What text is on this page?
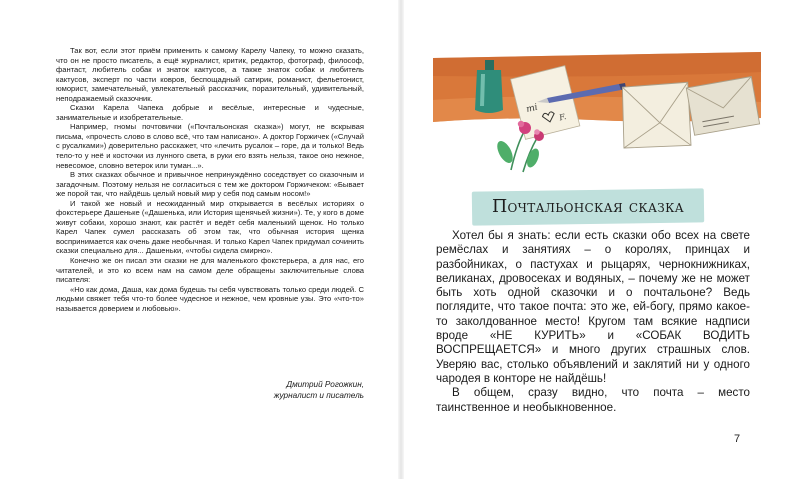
Так вот, если этот приём применить к самому Карелу Чапеку, то можно сказать, что он не просто писатель, а ещё журналист, критик, редактор, фотограф, философ, фантаст, любитель собак и знаток кактусов, а также знаток собак и любитель кактусов, эксперт по части ковров, беспощадный сатирик, романист, фельетонист, юморист, замечательный, увлекательный рассказчик, поразительный, удивительный, неподражаемый сказочник.

Сказки Карела Чапека добрые и весёлые, интересные и чудесные, занимательные и изобретательные.

Например, гномы почтовички («Почтальонская сказка») могут, не вскрывая письма, «прочесть слово в слово всё, что там написано». А доктор Горжичек («Случай с русалками») доверительно расскажет, что «лечить русалок – горе, да и только! Ведь тело-то у неё и косточки из лунного света, в руки его взять нельзя, такое оно нежное, невесомое, словно ветерок или туман...».

В этих сказках обычное и привычное непринуждённо соседствует со сказочным и загадочным. Поэтому нельзя не согласиться с тем же доктором Горжичеком: «Бывает же порой так, что найдёшь целый новый мир у себя под самым носом!»

И такой же новый и неожиданный мир открывается в весёлых историях о фокстерьере Дашеньке («Дашенька, или История щенячьей жизни»). Те, у кого в доме живут собаки, хорошо знают, как растёт и ведёт себя маленький щенок. Но только Карел Чапек сумел рассказать об этом так, что обычная история щенка воспринимается как очень даже необычная. И только Карел Чапек придумал сочинить сказки специально для... Дашеньки, «чтобы сидела смирно».

Конечно же он писал эти сказки не для маленького фокстерьера, а для нас, его читателей, и это ко всем нам на самом деле обращены заключительные слова писателя:

«Но как дома, Даша, как дома будешь ты себя чувствовать только среди людей. С людьми свяжет тебя что-то более чудесное и нежное, чем кровные узы. Это «что-то» называется доверием и любовью».

Дмитрий Рогожкин,
журналист и писатель
mi
F.
Почтальонская сказка

Хотел бы я знать: если есть сказки обо всех на свете ремёслах и занятиях – о королях, принцах и разбойниках, о пастухах и рыцарях, чернокнижниках, великанах, дровосеках и водяных, – почему же не может быть хоть одной сказочки и о почтальоне? Ведь поглядите, что такое почта: это же, ей-богу, прямо какое-то заколдованное место! Кругом там всякие надписи вроде «НЕ КУРИТЬ» и «СОБАК ВОДИТЬ ВОСПРЕЩАЕТСЯ» и много других страшных слов. Уверяю вас, столько объявлений и заклятий ни у одного чародея в конторе не найдёшь!

В общем, сразу видно, что почта – место таинственное и необыкновенное.

7
